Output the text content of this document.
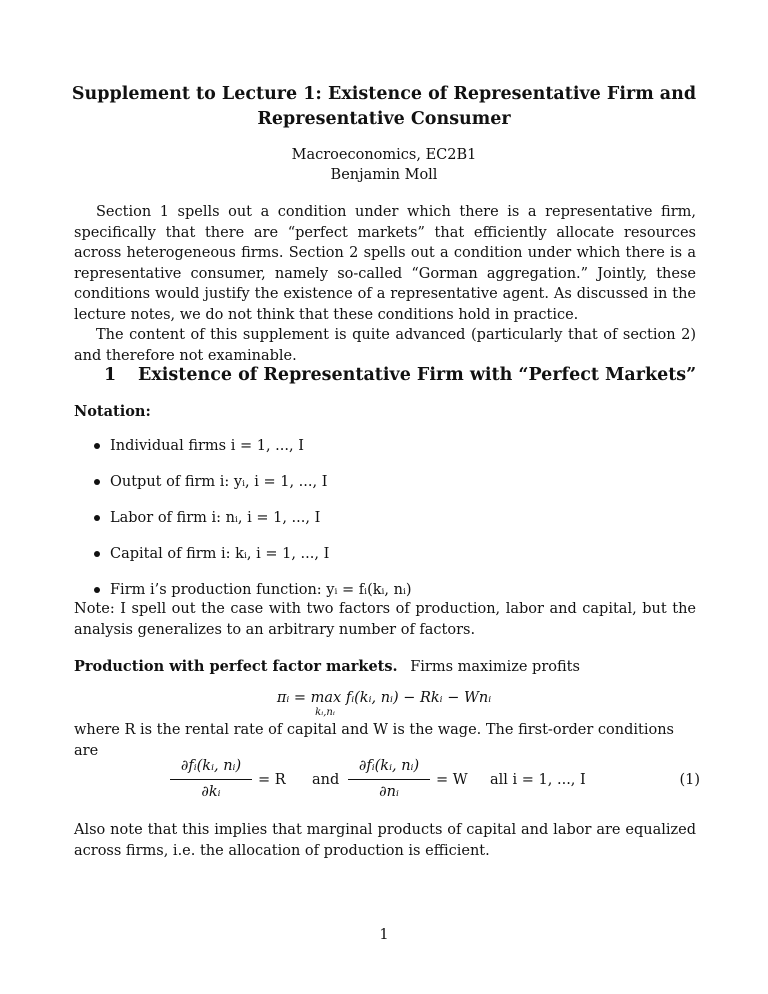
Supplement to Lecture 1: Existence of Representative Firm and Representative Consumer
Macroeconomics, EC2B1
Benjamin Moll

Section 1 spells out a condition under which there is a representative firm, specifically that there are “perfect markets” that efficiently allocate resources across heterogeneous firms. Section 2 spells out a condition under which there is a representative consumer, namely so-called “Gorman aggregation.” Jointly, these conditions would justify the existence of a representative agent. As discussed in the lecture notes, we do not think that these conditions hold in practice.

The content of this supplement is quite advanced (particularly that of section 2) and therefore not examinable.

1 Existence of Representative Firm with “Perfect Markets”
Notation:
Individual firms i = 1, ..., I
Output of firm i: yᵢ, i = 1, ..., I
Labor of firm i: nᵢ, i = 1, ..., I
Capital of firm i: kᵢ, i = 1, ..., I
Firm i’s production function: yᵢ = fᵢ(kᵢ, nᵢ)
Note: I spell out the case with two factors of production, labor and capital, but the analysis generalizes to an arbitrary number of factors.
Production with perfect factor markets. Firms maximize profits
πᵢ = max fᵢ(kᵢ, nᵢ) − Rkᵢ − Wnᵢ
kᵢ,nᵢ
where R is the rental rate of capital and W is the wage. The first-order conditions are
$\frac{\text{∂fᵢ(kᵢ, nᵢ)}}{\text{∂kᵢ}} = R$ and $\frac{\text{∂fᵢ(kᵢ, nᵢ)}}{\text{∂nᵢ}} = W$ all i = 1, ..., I	(1)
Also note that this implies that marginal products of capital and labor are equalized across firms, i.e. the allocation of production is efficient.
1
